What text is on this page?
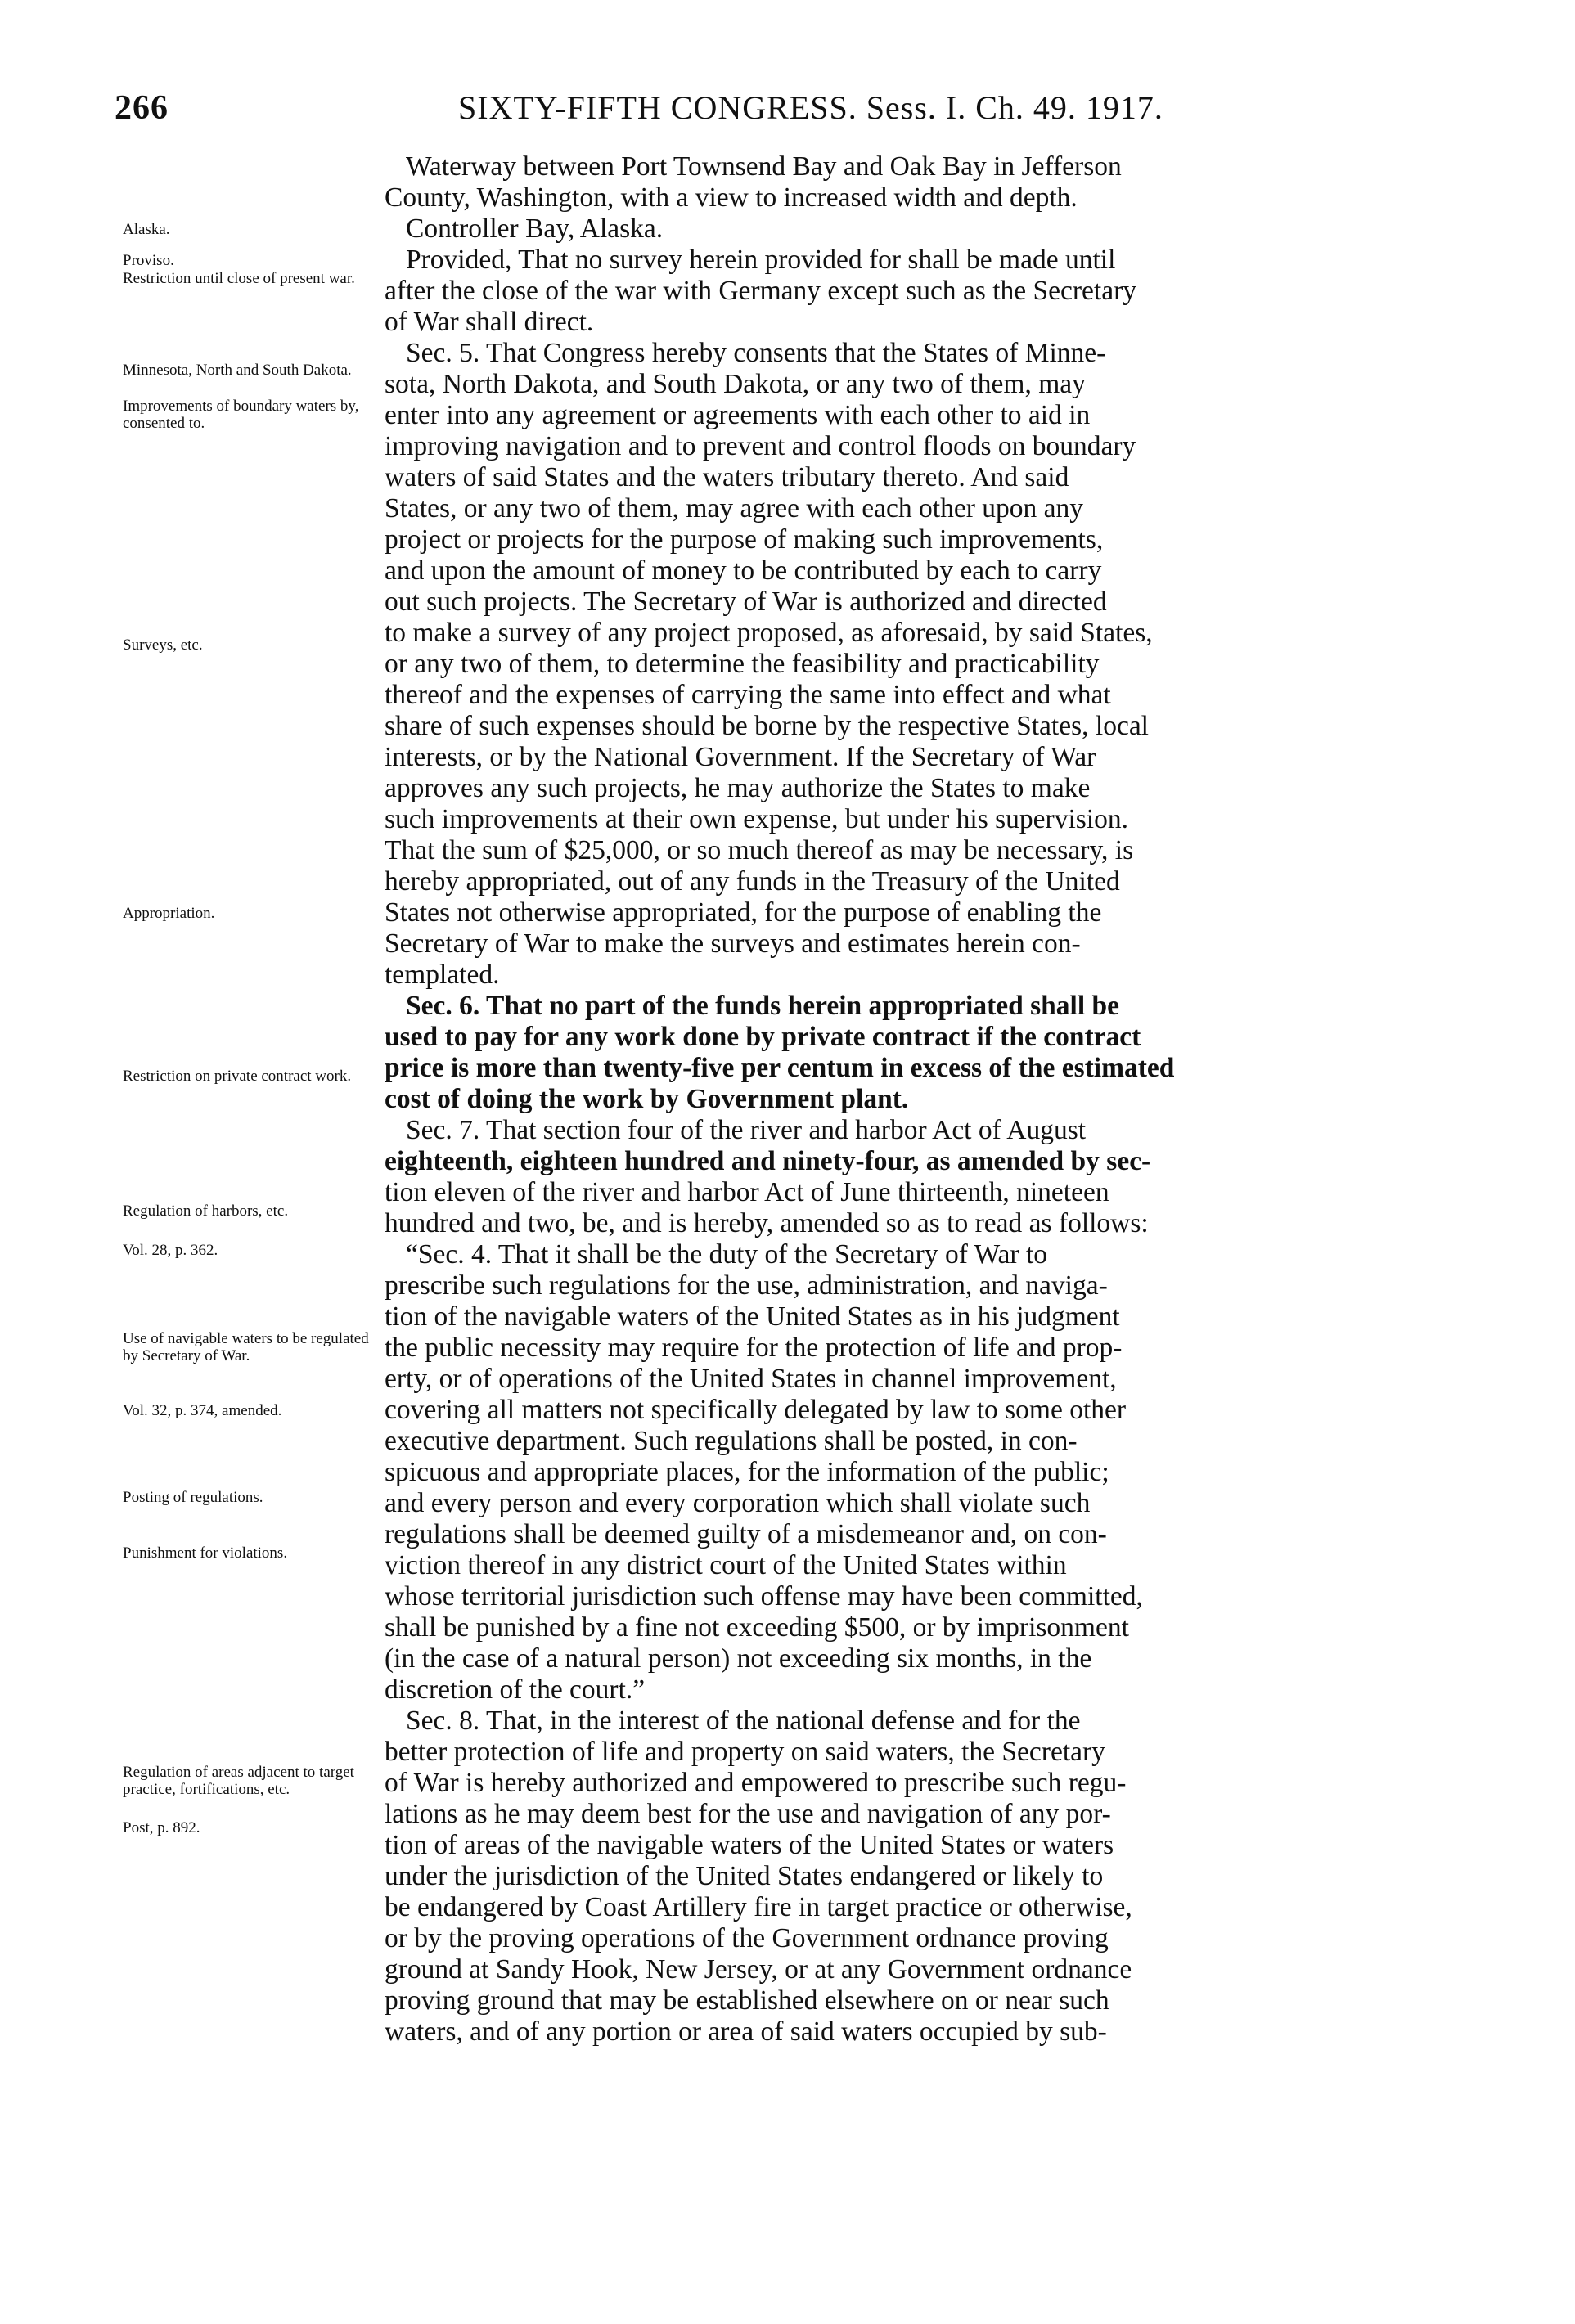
266	SIXTY-FIFTH CONGRESS. Sess. I. Ch. 49. 1917.
Alaska.
Proviso.
Restriction until close of present war.
Minnesota, North and South Dakota.
Improvements of boundary waters by, consented to.
Surveys, etc.
Appropriation.
Restriction on private contract work.
Regulation of harbors, etc.
Vol. 28, p. 362.
Use of navigable waters to be regulated by Secretary of War.
Vol. 32, p. 374, amended.
Posting of regulations.
Punishment for violations.
Regulation of areas adjacent to target practice, fortifications, etc.
Post, p. 892.
Waterway between Port Townsend Bay and Oak Bay in Jefferson
County, Washington, with a view to increased width and depth.
Controller Bay, Alaska.
Provided, That no survey herein provided for shall be made until
after the close of the war with Germany except such as the Secretary
of War shall direct.
Sec. 5. That Congress hereby consents that the States of Minne-
sota, North Dakota, and South Dakota, or any two of them, may
enter into any agreement or agreements with each other to aid in
improving navigation and to prevent and control floods on boundary
waters of said States and the waters tributary thereto. And said
States, or any two of them, may agree with each other upon any
project or projects for the purpose of making such improvements,
and upon the amount of money to be contributed by each to carry
out such projects. The Secretary of War is authorized and directed
to make a survey of any project proposed, as aforesaid, by said States,
or any two of them, to determine the feasibility and practicability
thereof and the expenses of carrying the same into effect and what
share of such expenses should be borne by the respective States, local
interests, or by the National Government. If the Secretary of War
approves any such projects, he may authorize the States to make
such improvements at their own expense, but under his supervision.
That the sum of $25,000, or so much thereof as may be necessary, is
hereby appropriated, out of any funds in the Treasury of the United
States not otherwise appropriated, for the purpose of enabling the
Secretary of War to make the surveys and estimates herein con-
templated.
Sec. 6. That no part of the funds herein appropriated shall be
used to pay for any work done by private contract if the contract
price is more than twenty-five per centum in excess of the estimated
cost of doing the work by Government plant.
Sec. 7. That section four of the river and harbor Act of August
eighteenth, eighteen hundred and ninety-four, as amended by sec-
tion eleven of the river and harbor Act of June thirteenth, nineteen
hundred and two, be, and is hereby, amended so as to read as follows:
“Sec. 4. That it shall be the duty of the Secretary of War to
prescribe such regulations for the use, administration, and naviga-
tion of the navigable waters of the United States as in his judgment
the public necessity may require for the protection of life and prop-
erty, or of operations of the United States in channel improvement,
covering all matters not specifically delegated by law to some other
executive department. Such regulations shall be posted, in con-
spicuous and appropriate places, for the information of the public;
and every person and every corporation which shall violate such
regulations shall be deemed guilty of a misdemeanor and, on con-
viction thereof in any district court of the United States within
whose territorial jurisdiction such offense may have been committed,
shall be punished by a fine not exceeding $500, or by imprisonment
(in the case of a natural person) not exceeding six months, in the
discretion of the court.”
Sec. 8. That, in the interest of the national defense and for the
better protection of life and property on said waters, the Secretary
of War is hereby authorized and empowered to prescribe such regu-
lations as he may deem best for the use and navigation of any por-
tion of areas of the navigable waters of the United States or waters
under the jurisdiction of the United States endangered or likely to
be endangered by Coast Artillery fire in target practice or otherwise,
or by the proving operations of the Government ordnance proving
ground at Sandy Hook, New Jersey, or at any Government ordnance
proving ground that may be established elsewhere on or near such
waters, and of any portion or area of said waters occupied by sub-
